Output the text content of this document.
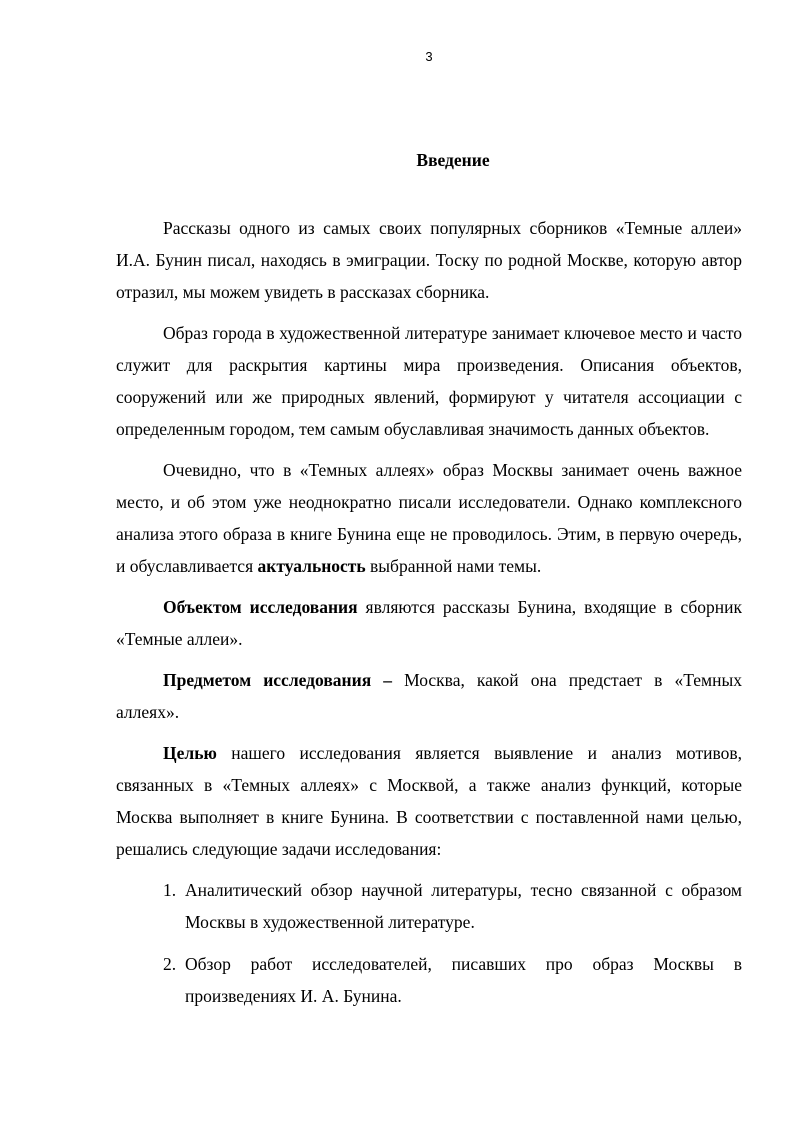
3
Введение

Рассказы одного из самых своих популярных сборников «Темные аллеи» И.А. Бунин писал, находясь в эмиграции. Тоску по родной Москве, которую автор отразил, мы можем увидеть в рассказах сборника.

Образ города в художественной литературе занимает ключевое место и часто служит для раскрытия картины мира произведения. Описания объектов, сооружений или же природных явлений, формируют у читателя ассоциации с определенным городом, тем самым обуславливая значимость данных объектов.

Очевидно, что в «Темных аллеях» образ Москвы занимает очень важное место, и об этом уже неоднократно писали исследователи. Однако комплексного анализа этого образа в книге Бунина еще не проводилось. Этим, в первую очередь, и обуславливается актуальность выбранной нами темы.

Объектом исследования являются рассказы Бунина, входящие в сборник «Темные аллеи».

Предметом исследования – Москва, какой она предстает в «Темных аллеях».

Целью нашего исследования является выявление и анализ мотивов, связанных в «Темных аллеях» с Москвой, а также анализ функций, которые Москва выполняет в книге Бунина. В соответствии с поставленной нами целью, решались следующие задачи исследования:

1. Аналитический обзор научной литературы, тесно связанной с образом Москвы в художественной литературе.
2. Обзор работ исследователей, писавших про образ Москвы в произведениях И. А. Бунина.
